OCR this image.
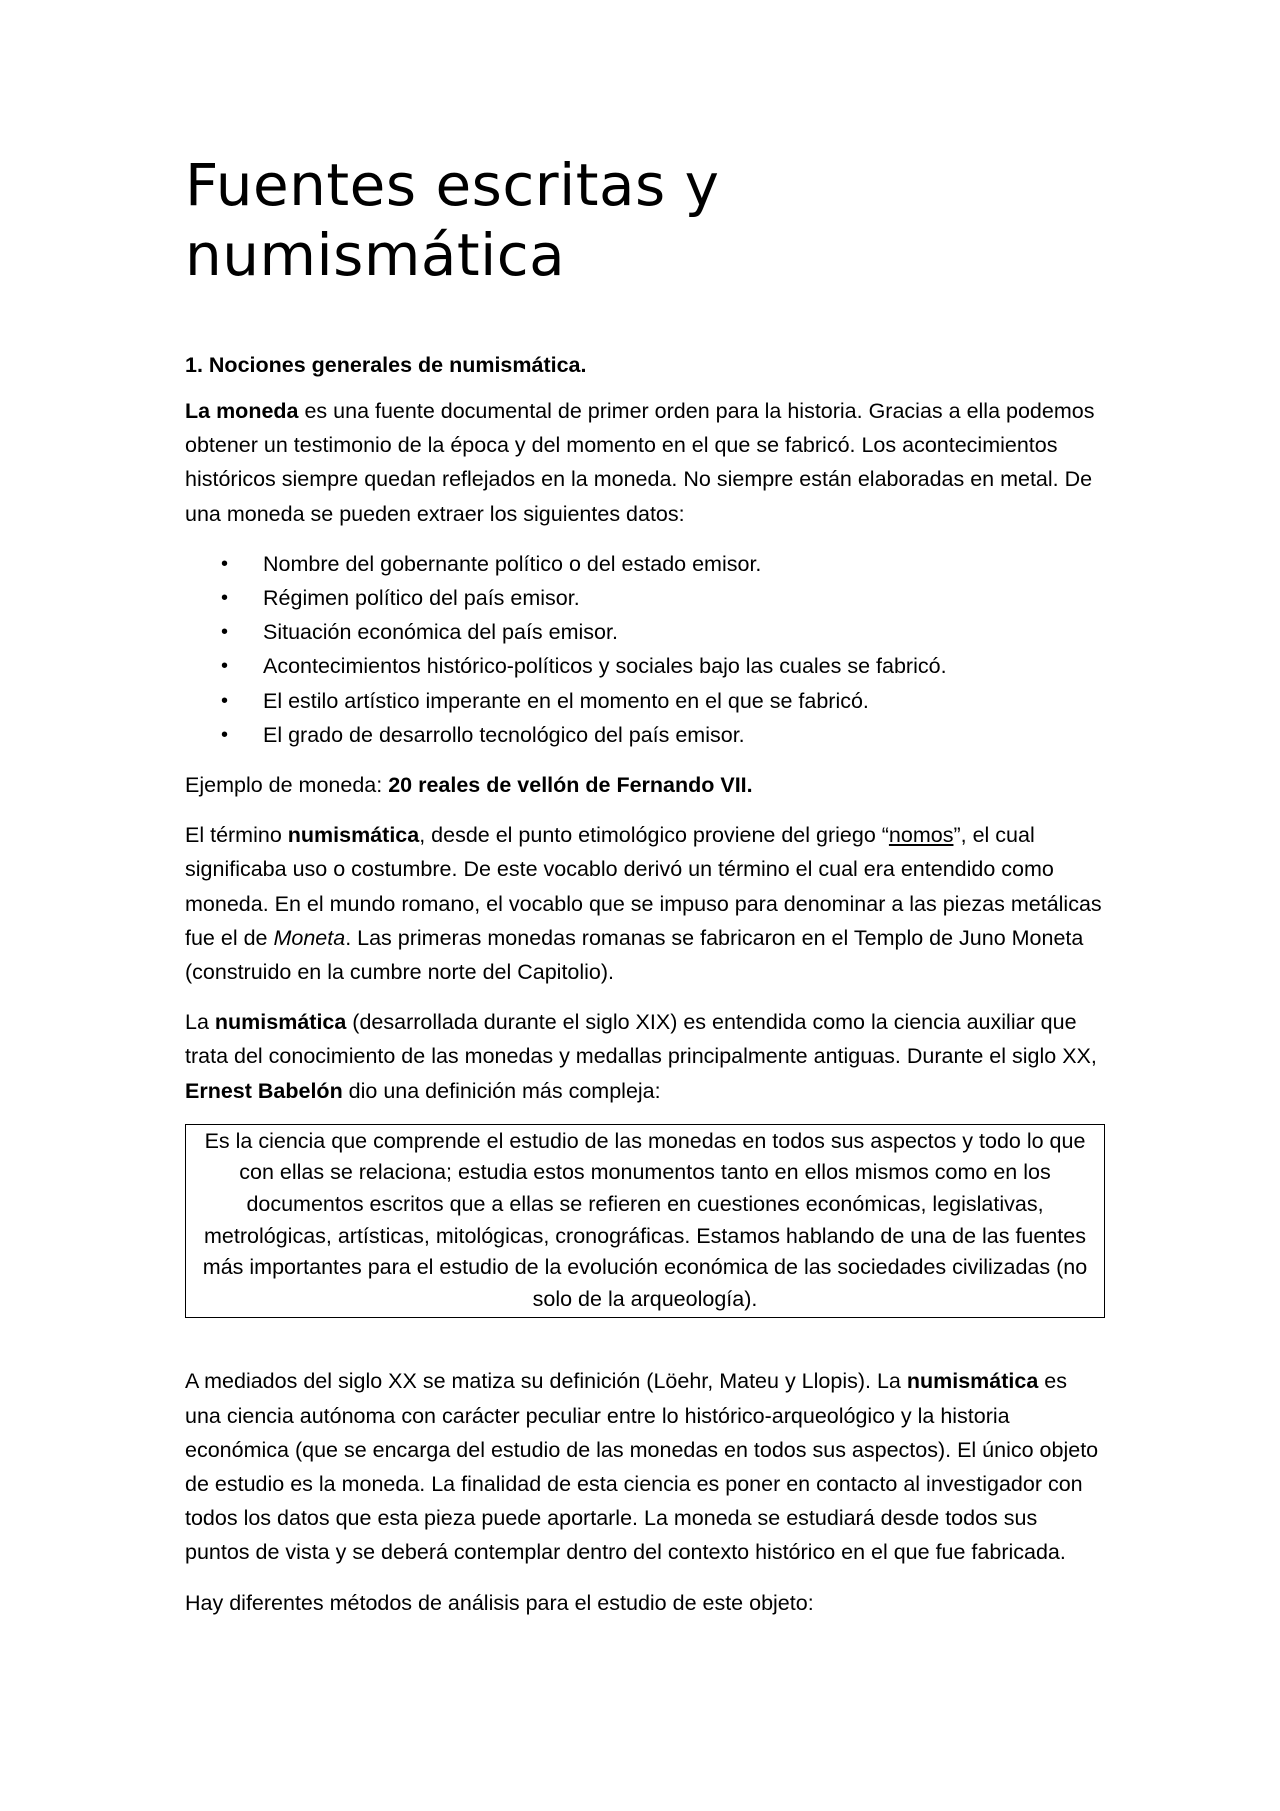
Fuentes escritas y
numismática
1. Nociones generales de numismática.

La moneda es una fuente documental de primer orden para la historia. Gracias a ella podemos obtener un testimonio de la época y del momento en el que se fabricó. Los acontecimientos históricos siempre quedan reflejados en la moneda. No siempre están elaboradas en metal. De una moneda se pueden extraer los siguientes datos:

• Nombre del gobernante político o del estado emisor.
• Régimen político del país emisor.
• Situación económica del país emisor.
• Acontecimientos histórico-políticos y sociales bajo las cuales se fabricó.
• El estilo artístico imperante en el momento en el que se fabricó.
• El grado de desarrollo tecnológico del país emisor.

Ejemplo de moneda: 20 reales de vellón de Fernando VII.

El término numismática, desde el punto etimológico proviene del griego “nomos”, el cual significaba uso o costumbre. De este vocablo derivó un término el cual era entendido como moneda. En el mundo romano, el vocablo que se impuso para denominar a las piezas metálicas fue el de Moneta. Las primeras monedas romanas se fabricaron en el Templo de Juno Moneta (construido en la cumbre norte del Capitolio).

La numismática (desarrollada durante el siglo XIX) es entendida como la ciencia auxiliar que trata del conocimiento de las monedas y medallas principalmente antiguas. Durante el siglo XX, Ernest Babelón dio una definición más compleja:

Es la ciencia que comprende el estudio de las monedas en todos sus aspectos y todo lo que con ellas se relaciona; estudia estos monumentos tanto en ellos mismos como en los documentos escritos que a ellas se refieren en cuestiones económicas, legislativas, metrológicas, artísticas, mitológicas, cronográficas. Estamos hablando de una de las fuentes más importantes para el estudio de la evolución económica de las sociedades civilizadas (no solo de la arqueología).

A mediados del siglo XX se matiza su definición (Löehr, Mateu y Llopis). La numismática es una ciencia autónoma con carácter peculiar entre lo histórico-arqueológico y la historia económica (que se encarga del estudio de las monedas en todos sus aspectos). El único objeto de estudio es la moneda. La finalidad de esta ciencia es poner en contacto al investigador con todos los datos que esta pieza puede aportarle. La moneda se estudiará desde todos sus puntos de vista y se deberá contemplar dentro del contexto histórico en el que fue fabricada.

Hay diferentes métodos de análisis para el estudio de este objeto:
